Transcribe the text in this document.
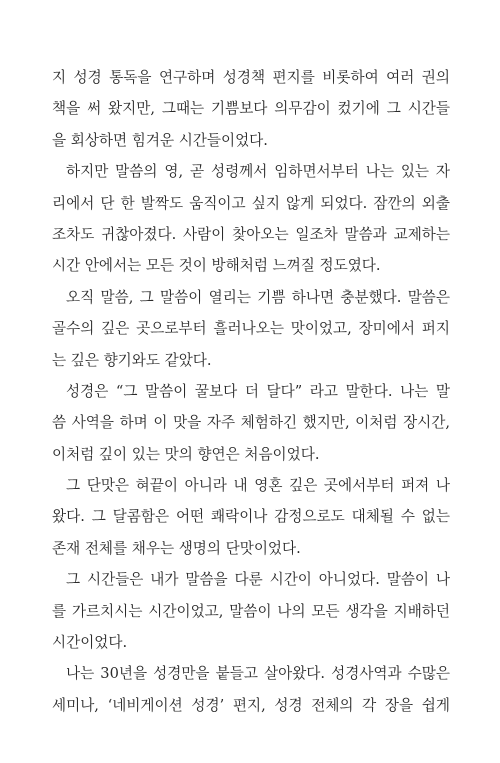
지 성경 통독을 연구하며 성경책 편지를 비롯하여 여러 권의
책을 써 왔지만, 그때는 기쁨보다 의무감이 컸기에 그 시간들
을 회상하면 힘겨운 시간들이었다.
하지만 말씀의 영, 곧 성령께서 임하면서부터 나는 있는 자
리에서 단 한 발짝도 움직이고 싶지 않게 되었다. 잠깐의 외출
조차도 귀찮아졌다. 사람이 찾아오는 일조차 말씀과 교제하는
시간 안에서는 모든 것이 방해처럼 느껴질 정도였다.
오직 말씀, 그 말씀이 열리는 기쁨 하나면 충분했다. 말씀은
골수의 깊은 곳으로부터 흘러나오는 맛이었고, 장미에서 퍼지
는 깊은 향기와도 같았다.
성경은 “그 말씀이 꿀보다 더 달다” 라고 말한다. 나는 말
씀 사역을 하며 이 맛을 자주 체험하긴 했지만, 이처럼 장시간,
이처럼 깊이 있는 맛의 향연은 처음이었다.
그 단맛은 혀끝이 아니라 내 영혼 깊은 곳에서부터 퍼져 나
왔다. 그 달콤함은 어떤 쾌락이나 감정으로도 대체될 수 없는
존재 전체를 채우는 생명의 단맛이었다.
그 시간들은 내가 말씀을 다룬 시간이 아니었다. 말씀이 나
를 가르치시는 시간이었고, 말씀이 나의 모든 생각을 지배하던
시간이었다.
나는 30년을 성경만을 붙들고 살아왔다. 성경사역과 수많은
세미나, ‘네비게이션 성경’ 편지, 성경 전체의 각 장을 쉽게
